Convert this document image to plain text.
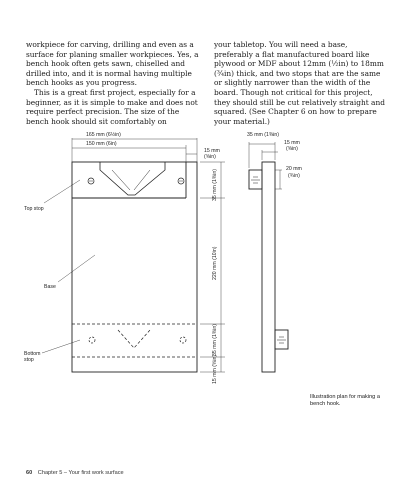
workpiece for carving, drilling and even as a surface for planing smaller workpieces. Yes, a bench hook often gets sawn, chiselled and drilled into, and it is normal having multiple bench hooks as you progress.

This is a great first project, especially for a beginner, as it is simple to make and does not require perfect precision. The size of the bench hook should sit comfortably on

your tabletop. You will need a base, preferably a flat manufactured board like plywood or MDF about 12mm (½in) to 18mm (¾in) thick, and two stops that are the same or slightly narrower than the width of the board. Though not critical for this project, they should still be cut relatively straight and squared. (See Chapter 6 on how to prepare your material.)

165 mm (6½in)
150 mm (6in)
15 mm
(⅝in)
35 mm (1⅜in)
15 mm
(⅝in)
20 mm
(¾in)
35 mm (1⅜in)
220 mm (10in)
35 mm (1⅜in)
15 mm (⅝in)
Top stop
Base
Bottom
stop
Illustration plan for making a bench hook.
60 Chapter 5 – Your first work surface
